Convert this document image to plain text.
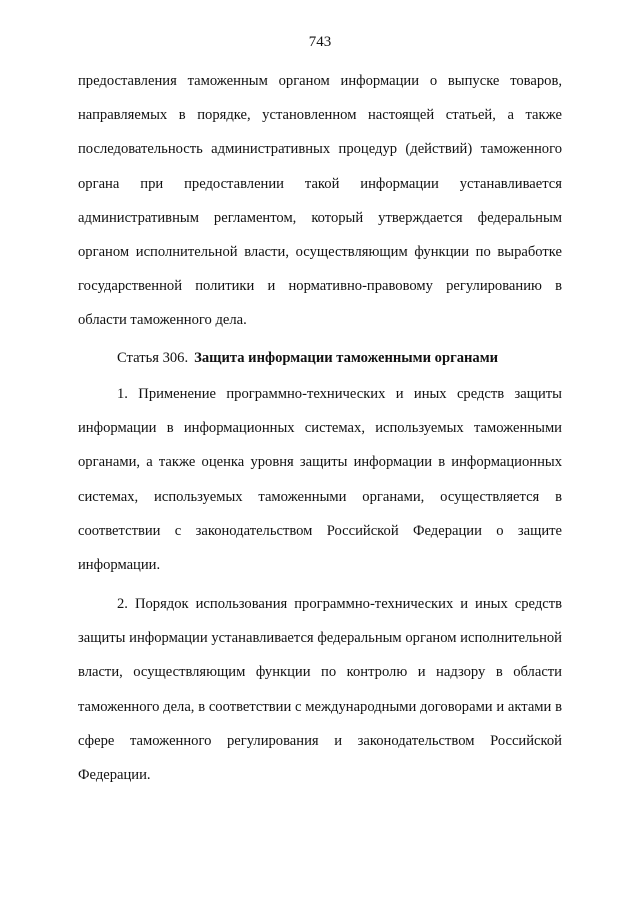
743
предоставления таможенным органом информации о выпуске товаров, направляемых в порядке, установленном настоящей статьей, а также последовательность административных процедур (действий) таможенного органа при предоставлении такой информации устанавливается административным регламентом, который утверждается федеральным органом исполнительной власти, осуществляющим функции по выработке государственной политики и нормативно-правовому регулированию в области таможенного дела.
Статья 306. Защита информации таможенными органами
1. Применение программно-технических и иных средств защиты информации в информационных системах, используемых таможенными органами, а также оценка уровня защиты информации в информационных системах, используемых таможенными органами, осуществляется в соответствии с законодательством Российской Федерации о защите информации.
2. Порядок использования программно-технических и иных средств защиты информации устанавливается федеральным органом исполнительной власти, осуществляющим функции по контролю и надзору в области таможенного дела, в соответствии с международными договорами и актами в сфере таможенного регулирования и законодательством Российской Федерации.
